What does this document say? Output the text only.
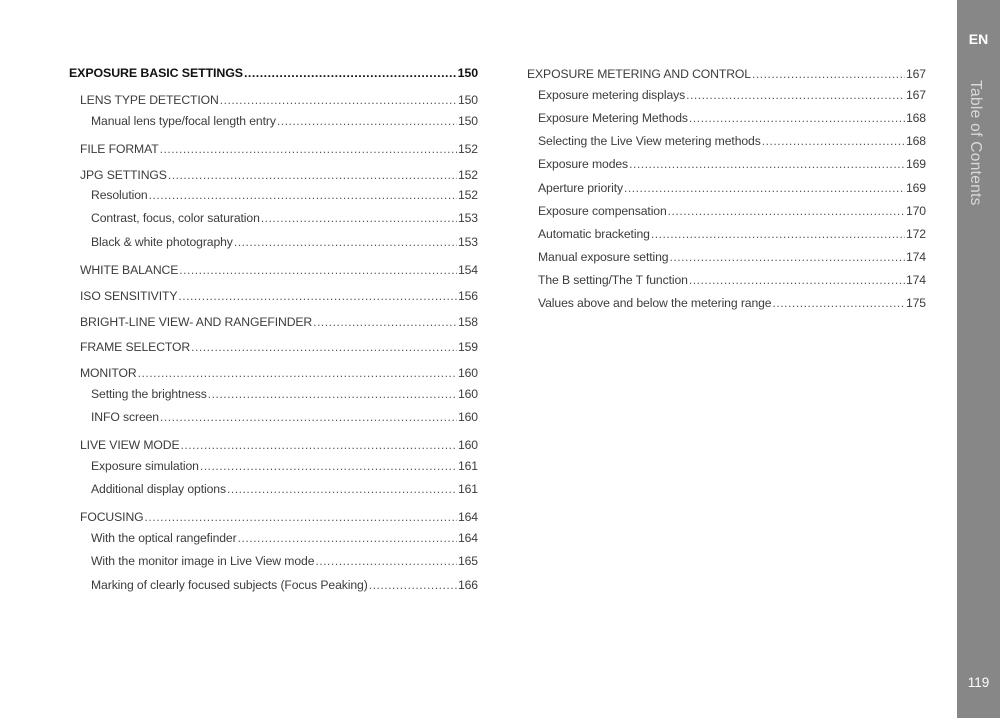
EXPOSURE BASIC SETTINGS .....	150
LENS TYPE DETECTION .....	150
Manual lens type/focal length entry .....	150
FILE FORMAT .....	152
JPG SETTINGS .....	152
Resolution .....	152
Contrast, focus, color saturation .....	153
Black & white photography .....	153
WHITE BALANCE .....	154
ISO SENSITIVITY .....	156
BRIGHT-LINE VIEW- AND RANGEFINDER .....	158
FRAME SELECTOR .....	159
MONITOR .....	160
Setting the brightness .....	160
INFO screen .....	160
LIVE VIEW MODE .....	160
Exposure simulation .....	161
Additional display options .....	161
FOCUSING .....	164
With the optical rangefinder .....	164
With the monitor image in Live View mode .....	165
Marking of clearly focused subjects (Focus Peaking) .....	166
EXPOSURE METERING AND CONTROL .....	167
Exposure metering displays .....	167
Exposure Metering Methods .....	168
Selecting the Live View metering methods .....	168
Exposure modes .....	169
Aperture priority .....	169
Exposure compensation .....	170
Automatic bracketing .....	172
Manual exposure setting .....	174
The B setting/The T function .....	174
Values above and below the metering range .....	175
EN
Table of Contents
119
